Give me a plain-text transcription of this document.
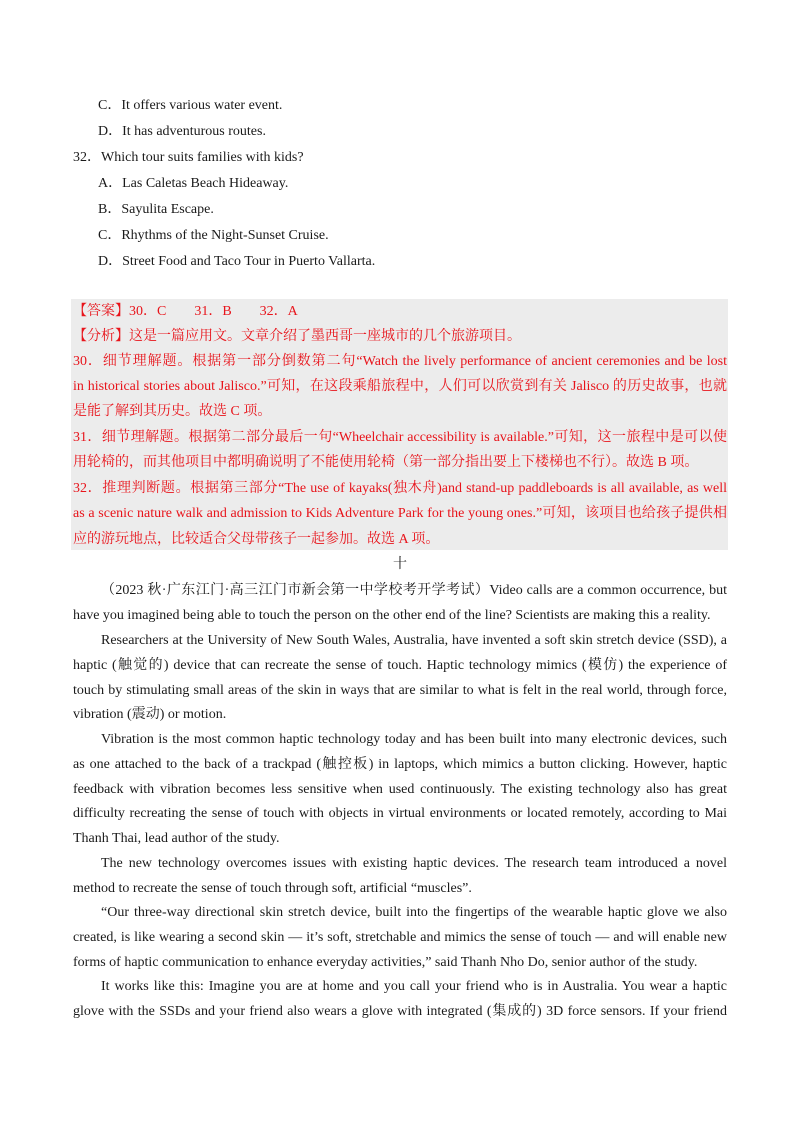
C．It offers various water event.
D．It has adventurous routes.
32．Which tour suits families with kids?
A．Las Caletas Beach Hideaway.
B．Sayulita Escape.
C．Rhythms of the Night-Sunset Cruise.
D．Street Food and Taco Tour in Puerto Vallarta.
【答案】30．C　　31．B　　32．A
【分析】这是一篇应用文。文章介绍了墨西哥一座城市的几个旅游项目。
30．细节理解题。根据第一部分倒数第二句“Watch the lively performance of ancient ceremonies and be lost
in historical stories about Jalisco.”可知，在这段乘船旅程中，人们可以欣赏到有关 Jalisco 的历史故事，也就
是能了解到其历史。故选 C 项。
31．细节理解题。根据第二部分最后一句“Wheelchair accessibility is available.”可知，这一旅程中是可以使
用轮椅的，而其他项目中都明确说明了不能使用轮椅（第一部分指出要上下楼梯也不行）。故选 B 项。
32．推理判断题。根据第三部分“The use of kayaks(独木舟)and stand-up paddleboards is all available, as well
as a scenic nature walk and admission to Kids Adventure Park for the young ones.”可知，该项目也给孩子提供相
应的游玩地点，比较适合父母带孩子一起参加。故选 A 项。
十
（2023 秋·广东江门·高三江门市新会第一中学校考开学考试）Video calls are a common occurrence, but
have you imagined being able to touch the person on the other end of the line? Scientists are making this a reality.
Researchers at the University of New South Wales, Australia, have invented a soft skin stretch device (SSD), a
haptic (触觉的) device that can recreate the sense of touch. Haptic technology mimics (模仿) the experience of
touch by stimulating small areas of the skin in ways that are similar to what is felt in the real world, through force,
vibration (震动) or motion.
Vibration is the most common haptic technology today and has been built into many electronic devices, such
as one attached to the back of a trackpad (触控板) in laptops, which mimics a button clicking. However, haptic
feedback with vibration becomes less sensitive when used continuously. The existing technology also has great
difficulty recreating the sense of touch with objects in virtual environments or located remotely, according to Mai
Thanh Thai, lead author of the study.
The new technology overcomes issues with existing haptic devices. The research team introduced a novel
method to recreate the sense of touch through soft, artificial “muscles”.
“Our three-way directional skin stretch device, built into the fingertips of the wearable haptic glove we also
created, is like wearing a second skin — it’s soft, stretchable and mimics the sense of touch — and will enable new
forms of haptic communication to enhance everyday activities,” said Thanh Nho Do, senior author of the study.
It works like this: Imagine you are at home and you call your friend who is in Australia. You wear a haptic
glove with the SSDs and your friend also wears a glove with integrated (集成的) 3D force sensors. If your friend
